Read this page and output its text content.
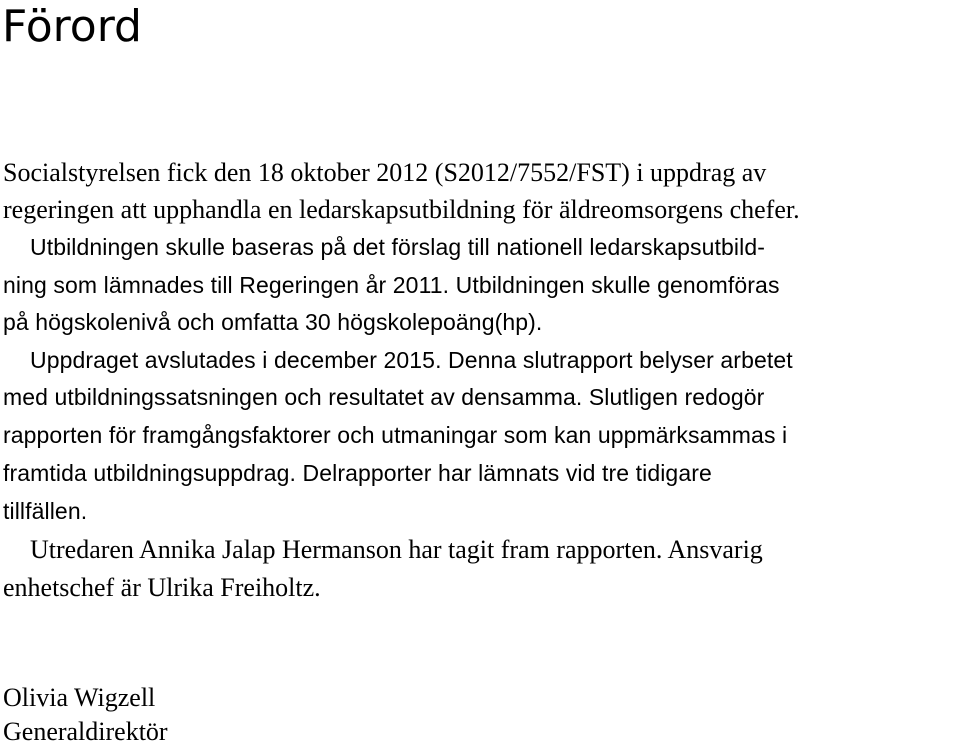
Förord

Socialstyrelsen fick den 18 oktober 2012 (S2012/7552/FST) i uppdrag av

regeringen att upphandla en ledarskapsutbildning för äldreomsorgens chefer.

Utbildningen skulle baseras på det förslag till nationell ledarskapsutbild-

ning som lämnades till Regeringen år 2011. Utbildningen skulle genomföras

på högskolenivå och omfatta 30 högskolepoäng(hp).

Uppdraget avslutades i december 2015. Denna slutrapport belyser arbetet

med utbildningssatsningen och resultatet av densamma. Slutligen redogör

rapporten för framgångsfaktorer och utmaningar som kan uppmärksammas i

framtida utbildningsuppdrag. Delrapporter har lämnats vid tre tidigare

tillfällen.

Utredaren Annika Jalap Hermanson har tagit fram rapporten. Ansvarig

enhetschef är Ulrika Freiholtz.

Olivia Wigzell

Generaldirektör
